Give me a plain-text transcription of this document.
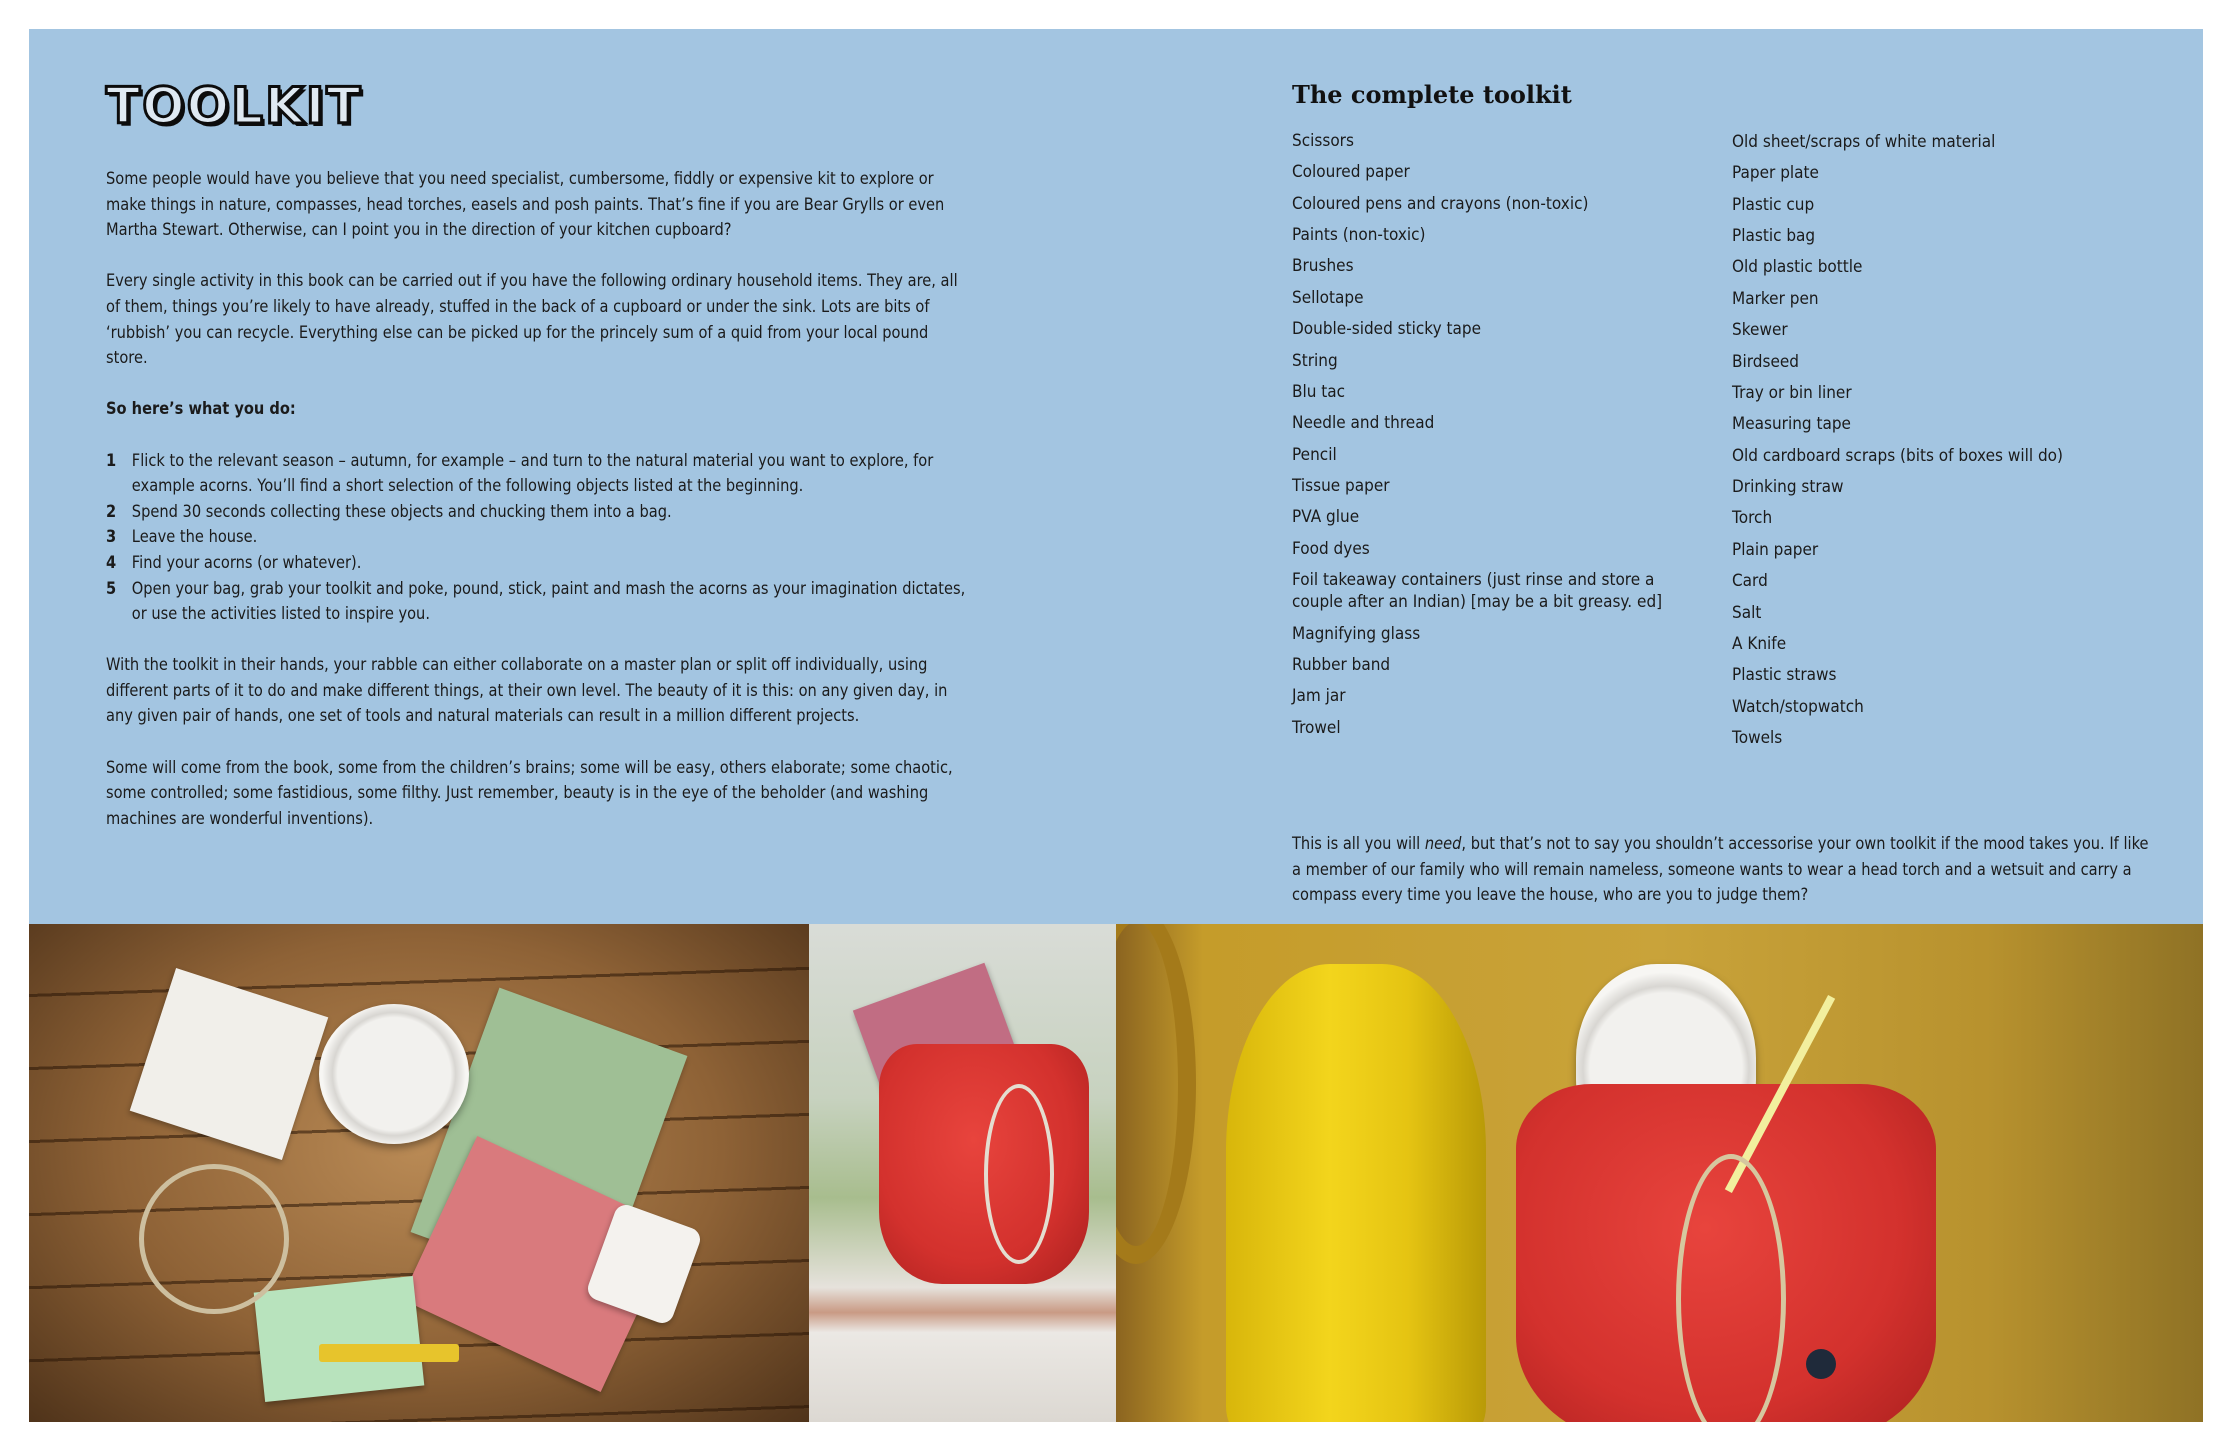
TOOLKIT

Some people would have you believe that you need specialist, cumbersome, fiddly or expensive kit to explore or make things in nature, compasses, head torches, easels and posh paints. That’s fine if you are Bear Grylls or even Martha Stewart. Otherwise, can I point you in the direction of your kitchen cupboard?

Every single activity in this book can be carried out if you have the following ordinary household items. They are, all of them, things you’re likely to have already, stuffed in the back of a cupboard or under the sink. Lots are bits of ‘rubbish’ you can recycle. Everything else can be picked up for the princely sum of a quid from your local pound store.

So here’s what you do:

1 Flick to the relevant season – autumn, for example – and turn to the natural material you want to explore, for example acorns. You’ll find a short selection of the following objects listed at the beginning.
2 Spend 30 seconds collecting these objects and chucking them into a bag.
3 Leave the house.
4 Find your acorns (or whatever).
5 Open your bag, grab your toolkit and poke, pound, stick, paint and mash the acorns as your imagination dictates, or use the activities listed to inspire you.

With the toolkit in their hands, your rabble can either collaborate on a master plan or split off individually, using different parts of it to do and make different things, at their own level. The beauty of it is this: on any given day, in any given pair of hands, one set of tools and natural materials can result in a million different projects.

Some will come from the book, some from the children’s brains; some will be easy, others elaborate; some chaotic, some controlled; some fastidious, some filthy. Just remember, beauty is in the eye of the beholder (and washing machines are wonderful inventions).

The complete toolkit
Scissors
Coloured paper
Coloured pens and crayons (non-toxic)
Paints (non-toxic)
Brushes
Sellotape
Double-sided sticky tape
String
Blu tac
Needle and thread
Pencil
Tissue paper
PVA glue
Food dyes
Foil takeaway containers (just rinse and store a couple after an Indian) [may be a bit greasy. ed]
Magnifying glass
Rubber band
Jam jar
Trowel
Old sheet/scraps of white material
Paper plate
Plastic cup
Plastic bag
Old plastic bottle
Marker pen
Skewer
Birdseed
Tray or bin liner
Measuring tape
Old cardboard scraps (bits of boxes will do)
Drinking straw
Torch
Plain paper
Card
Salt
A Knife
Plastic straws
Watch/stopwatch
Towels

This is all you will need, but that’s not to say you shouldn’t accessorise your own toolkit if the mood takes you. If like a member of our family who will remain nameless, someone wants to wear a head torch and a wetsuit and carry a compass every time you leave the house, who are you to judge them?
